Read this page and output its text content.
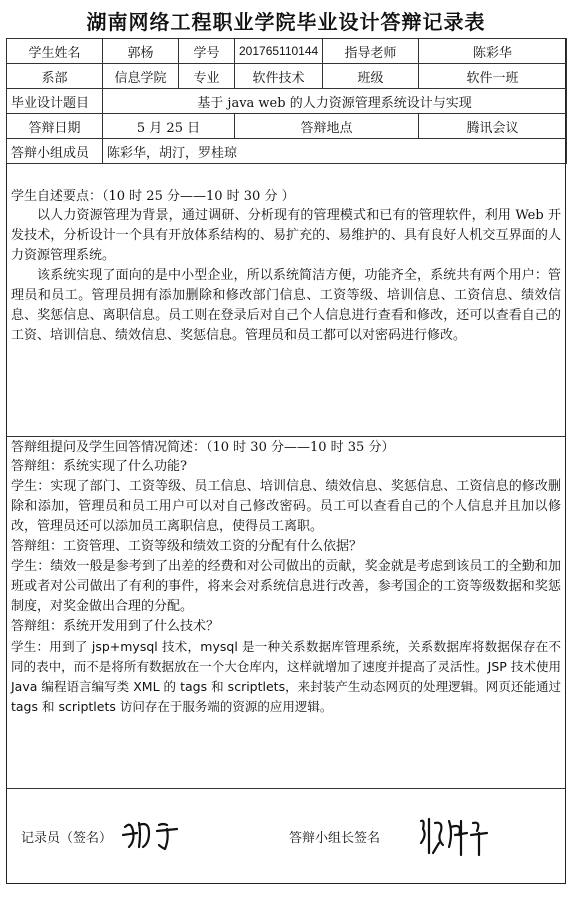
湖南网络工程职业学院毕业设计答辩记录表
学生姓名	郭杨	学号	201765110144	指导老师	陈彩华
系部	信息学院	专业	软件技术	班级	软件一班
毕业设计题目	基于 java web 的人力资源管理系统设计与实现				
答辩日期	5 月 25 日		答辩地点		腾讯会议
答辩小组成员	陈彩华，胡汀，罗桂琼				
学生自述要点：（10 时 25 分——10 时 30 分 ）
以人力资源管理为背景，通过调研、分析现有的管理模式和已有的管理软件，利用 Web 开发技术，分析设计一个具有开放体系结构的、易扩充的、易维护的、具有良好人机交互界面的人力资源管理系统。
该系统实现了面向的是中小型企业，所以系统简洁方便，功能齐全，系统共有两个用户：管理员和员工。管理员拥有添加删除和修改部门信息、工资等级、培训信息、工资信息、绩效信息、奖惩信息、离职信息。员工则在登录后对自己个人信息进行查看和修改，还可以查看自己的工资、培训信息、绩效信息、奖惩信息。管理员和员工都可以对密码进行修改。
答辩组提问及学生回答情况简述：（10 时 30 分——10 时 35 分）
答辩组：系统实现了什么功能?
学生：实现了部门、工资等级、员工信息、培训信息、绩效信息、奖惩信息、工资信息的修改删除和添加，管理员和员工用户可以对自己修改密码。员工可以查看自己的个人信息并且加以修改，管理员还可以添加员工离职信息，使得员工离职。
答辩组：工资管理、工资等级和绩效工资的分配有什么依据？
学生：绩效一般是参考到了出差的经费和对公司做出的贡献，奖金就是考虑到该员工的全勤和加班或者对公司做出了有利的事件，将来会对系统信息进行改善，参考国企的工资等级数据和奖惩制度，对奖金做出合理的分配。
答辩组：系统开发用到了什么技术？
学生：用到了 jsp+mysql 技术，mysql 是一种关系数据库管理系统，关系数据库将数据保存在不同的表中，而不是将所有数据放在一个大仓库内，这样就增加了速度并提高了灵活性。JSP 技术使用 Java 编程语言编写类 XML 的 tags 和 scriptlets，来封装产生动态网页的处理逻辑。网页还能通过 tags 和 scriptlets 访问存在于服务端的资源的应用逻辑。
记录员（签名）	答辩小组长签名
